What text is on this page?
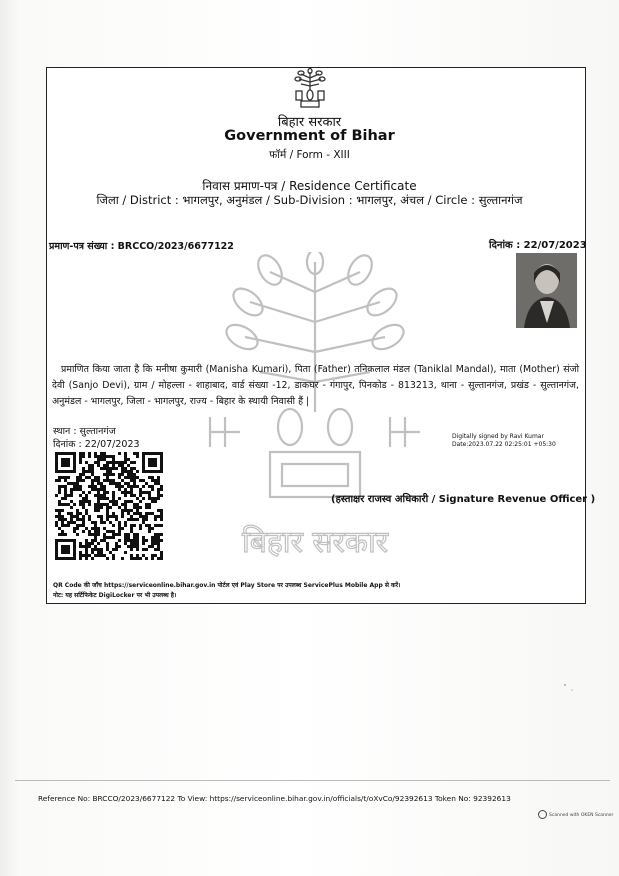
बिहार सरकार
Government of Bihar
फॉर्म / Form - XIII
निवास प्रमाण-पत्र / Residence Certificate
जिला / District : भागलपुर, अनुमंडल / Sub-Division : भागलपुर, अंचल / Circle : सुल्तानगंज
बिहार सरकार
प्रमाण-पत्र संख्या : BRCCO/2023/6677122	दिनांक : 22/07/2023

प्रमाणित किया जाता है कि मनीषा कुमारी (Manisha Kumari), पिता (Father) तनिकलाल मंडल (Taniklal Mandal), माता (Mother) संजो देवी (Sanjo Devi), ग्राम / मोहल्ला - शाहाबाद, वार्ड संख्या -12, डाकघर - गंगापुर, पिनकोड - 813213, थाना - सुल्तानगंज, प्रखंड - सुल्तानगंज, अनुमंडल - भागलपुर, जिला - भागलपुर, राज्य - बिहार के स्थायी निवासी हैं |

स्थान : सुल्तानगंज
दिनांक : 22/07/2023
Digitally signed by Ravi Kumar
Date:2023.07.22 02:25:01 +05:30
(हस्ताक्षर राजस्व अधिकारी / Signature Revenue Officer )
QR Code की जाँच https://serviceonline.bihar.gov.in पोर्टल एवं Play Store पर उपलब्ध ServicePlus Mobile App से करें।
नोट: यह सर्टिफिकेट DigiLocker पर भी उपलब्ध है।
Reference No: BRCCO/2023/6677122 To View: https://serviceonline.bihar.gov.in/officials/t/oXvCo/92392613 Token No: 92392613
Scanned with OKEN Scanner
